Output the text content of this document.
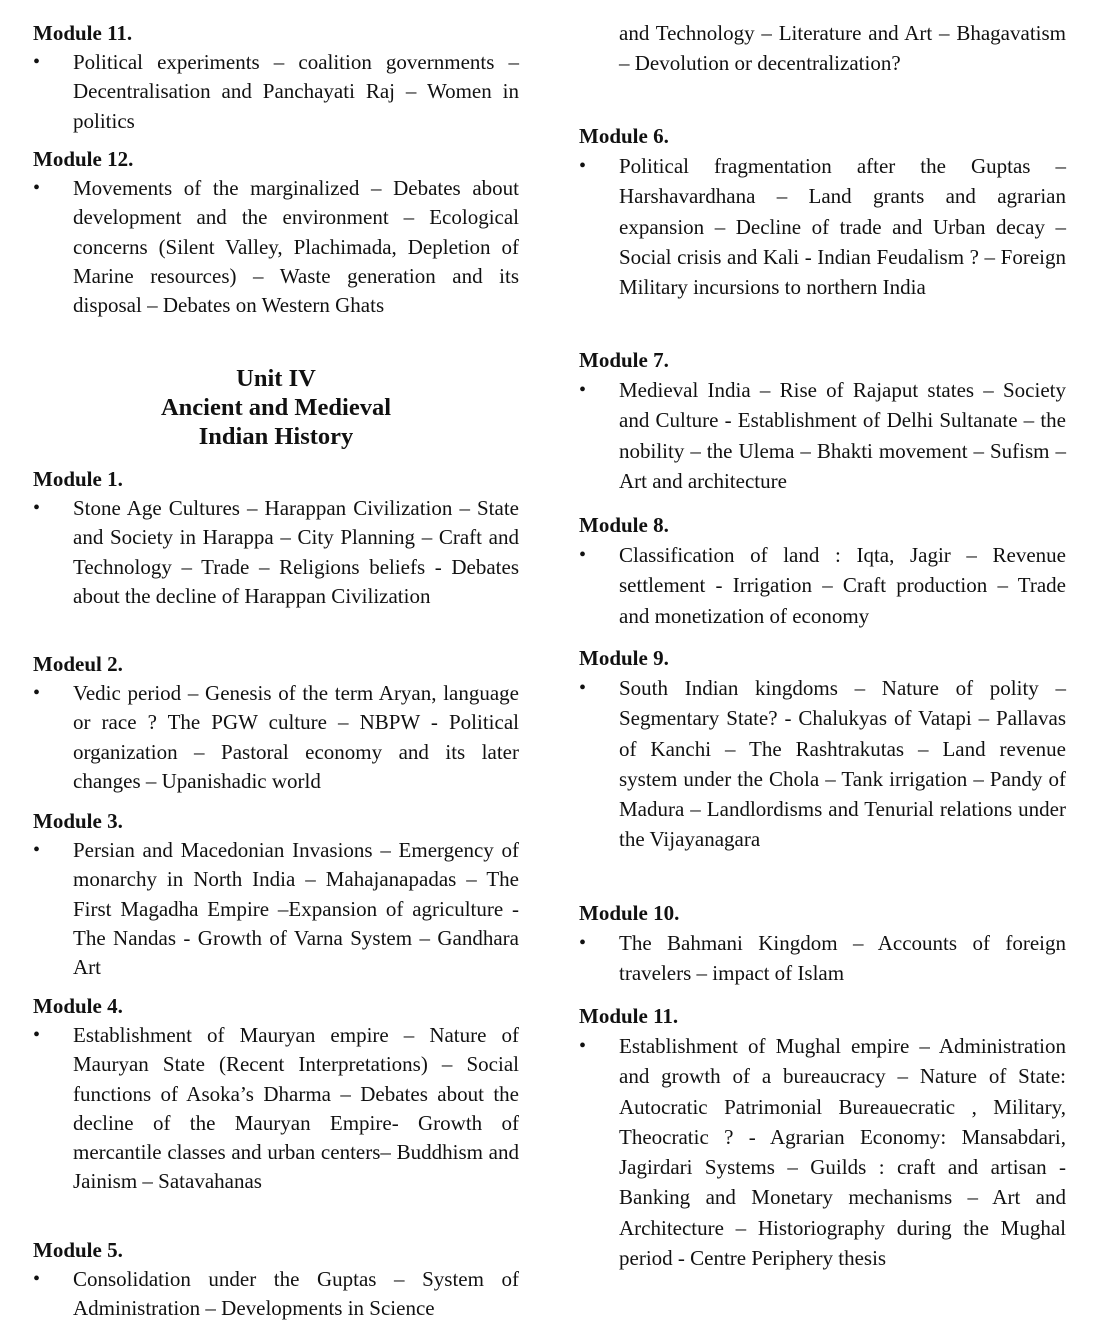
Module 11.
• Political experiments – coalition governments – Decentralisation and Panchayati Raj – Women in politics
Module 12.
• Movements of the marginalized – Debates about development and the environment – Ecological concerns (Silent Valley, Plachimada, Depletion of Marine resources) – Waste generation and its disposal – Debates on Western Ghats
Unit IV
Ancient and Medieval
Indian History
Module 1.
• Stone Age Cultures – Harappan Civilization – State and Society in Harappa – City Planning – Craft and Technology – Trade – Religions beliefs - Debates about the decline of Harappan Civilization
Modeul 2.
• Vedic period – Genesis of the term Aryan, language or race ? The PGW culture – NBPW - Political organization – Pastoral economy and its later changes – Upanishadic world
Module 3.
• Persian and Macedonian Invasions – Emergency of monarchy in North India – Mahajanapadas – The First Magadha Empire –Expansion of agriculture - The Nandas - Growth of Varna System – Gandhara Art
Module 4.
• Establishment of Mauryan empire – Nature of Mauryan State (Recent Interpretations) – Social functions of Asoka’s Dharma – Debates about the decline of the Mauryan Empire- Growth of mercantile classes and urban centers– Buddhism and Jainism – Satavahanas
Module 5.
• Consolidation under the Guptas – System of Administration – Developments in Science
and Technology – Literature and Art – Bhagavatism – Devolution or decentralization?
Module 6.
• Political fragmentation after the Guptas – Harshavardhana – Land grants and agrarian expansion – Decline of trade and Urban decay –Social crisis and Kali - Indian Feudalism ? – Foreign Military incursions to northern India
Module 7.
• Medieval India – Rise of Rajaput states – Society and Culture - Establishment of Delhi Sultanate – the nobility – the Ulema – Bhakti movement – Sufism – Art and architecture
Module 8.
• Classification of land : Iqta, Jagir – Revenue settlement - Irrigation – Craft production – Trade and monetization of economy
Module 9.
• South Indian kingdoms – Nature of polity – Segmentary State? - Chalukyas of Vatapi – Pallavas of Kanchi – The Rashtrakutas – Land revenue system under the Chola – Tank irrigation – Pandy of Madura – Landlordisms and Tenurial relations under the Vijayanagara
Module 10.
• The Bahmani Kingdom – Accounts of foreign travelers – impact of Islam
Module 11.
• Establishment of Mughal empire – Administration and growth of a bureaucracy – Nature of State: Autocratic Patrimonial Bureauecratic , Military, Theocratic ? - Agrarian Economy: Mansabdari, Jagirdari Systems – Guilds : craft and artisan - Banking and Monetary mechanisms – Art and Architecture – Historiography during the Mughal period - Centre Periphery thesis
